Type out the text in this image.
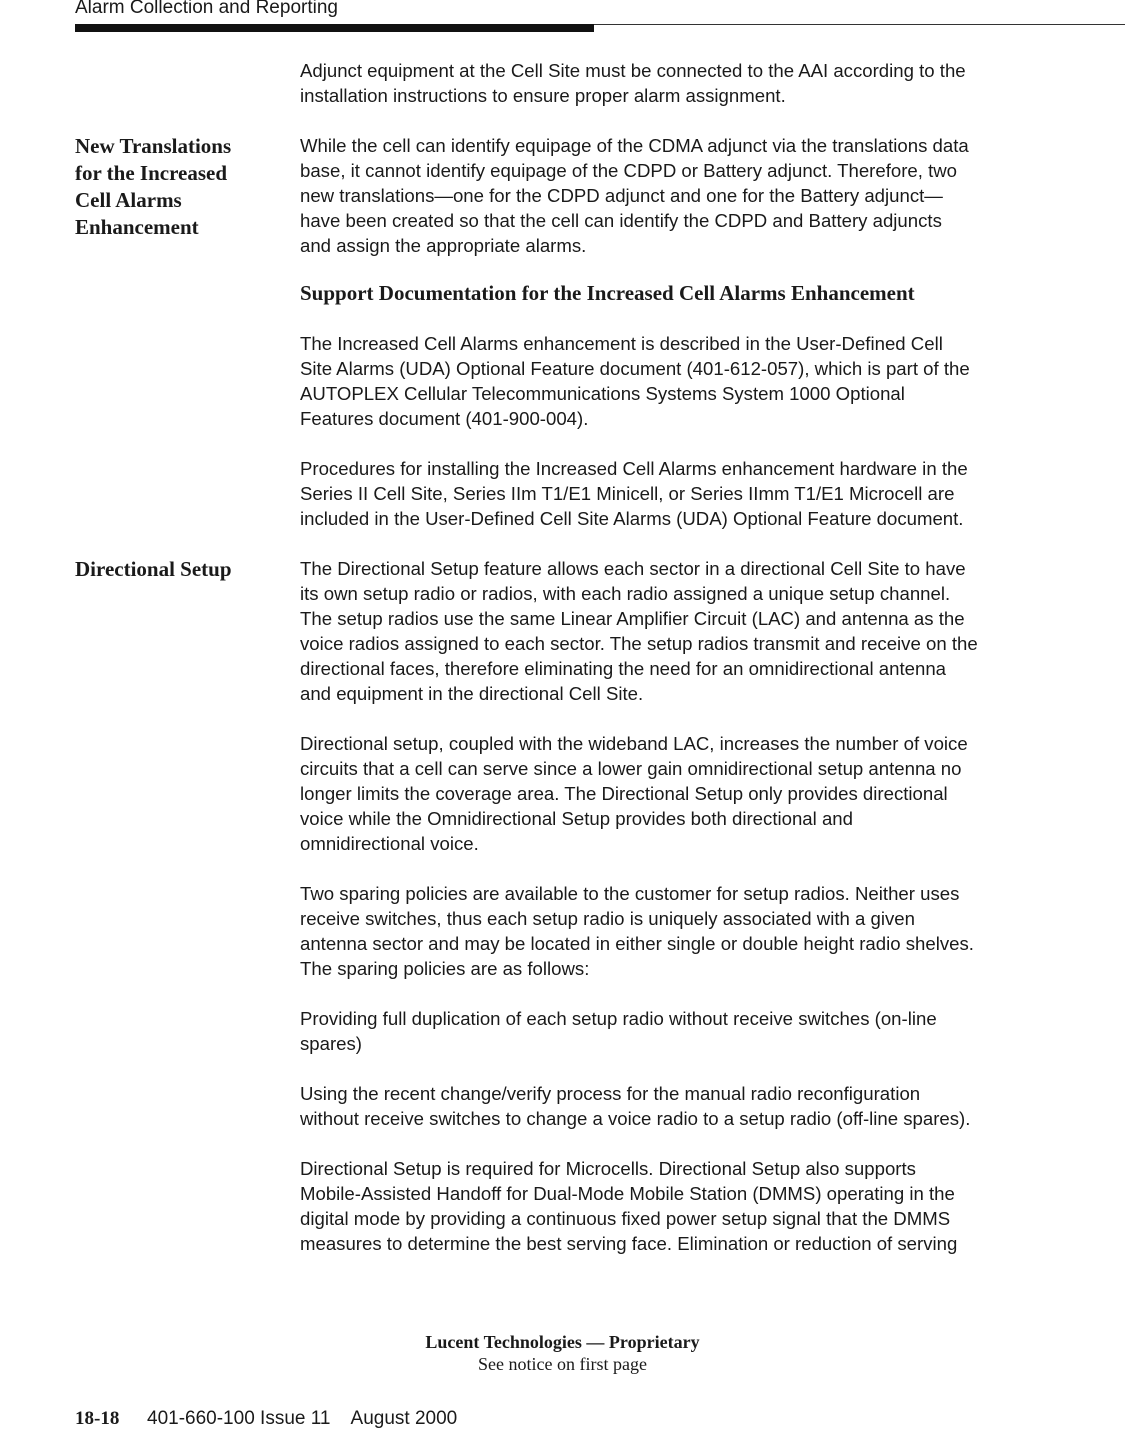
Alarm Collection and Reporting

Adjunct equipment at the Cell Site must be connected to the AAI according to the
installation instructions to ensure proper alarm assignment.

New Translations
for the Increased
Cell Alarms
Enhancement

While the cell can identify equipage of the CDMA adjunct via the translations data
base, it cannot identify equipage of the CDPD or Battery adjunct. Therefore, two
new translations—one for the CDPD adjunct and one for the Battery adjunct—
have been created so that the cell can identify the CDPD and Battery adjuncts
and assign the appropriate alarms.

Support Documentation for the Increased Cell Alarms Enhancement

The Increased Cell Alarms enhancement is described in the User-Defined Cell
Site Alarms (UDA) Optional Feature document (401-612-057), which is part of the
AUTOPLEX Cellular Telecommunications Systems System 1000 Optional
Features document (401-900-004).

Procedures for installing the Increased Cell Alarms enhancement hardware in the
Series II Cell Site, Series IIm T1/E1 Minicell, or Series IImm T1/E1 Microcell are
included in the User-Defined Cell Site Alarms (UDA) Optional Feature document.

Directional Setup	The Directional Setup feature allows each sector in a directional Cell Site to have
its own setup radio or radios, with each radio assigned a unique setup channel.
The setup radios use the same Linear Amplifier Circuit (LAC) and antenna as the
voice radios assigned to each sector. The setup radios transmit and receive on the
directional faces, therefore eliminating the need for an omnidirectional antenna
and equipment in the directional Cell Site.

Directional setup, coupled with the wideband LAC, increases the number of voice
circuits that a cell can serve since a lower gain omnidirectional setup antenna no
longer limits the coverage area. The Directional Setup only provides directional
voice while the Omnidirectional Setup provides both directional and
omnidirectional voice.

Two sparing policies are available to the customer for setup radios. Neither uses
receive switches, thus each setup radio is uniquely associated with a given
antenna sector and may be located in either single or double height radio shelves.
The sparing policies are as follows:

Providing full duplication of each setup radio without receive switches (on-line
spares)

Using the recent change/verify process for the manual radio reconfiguration
without receive switches to change a voice radio to a setup radio (off-line spares).

Directional Setup is required for Microcells. Directional Setup also supports
Mobile-Assisted Handoff for Dual-Mode Mobile Station (DMMS) operating in the
digital mode by providing a continuous fixed power setup signal that the DMMS
measures to determine the best serving face. Elimination or reduction of serving

Lucent Technologies — Proprietary
See notice on first page
18-18 401-660-100 Issue 11    August 2000
